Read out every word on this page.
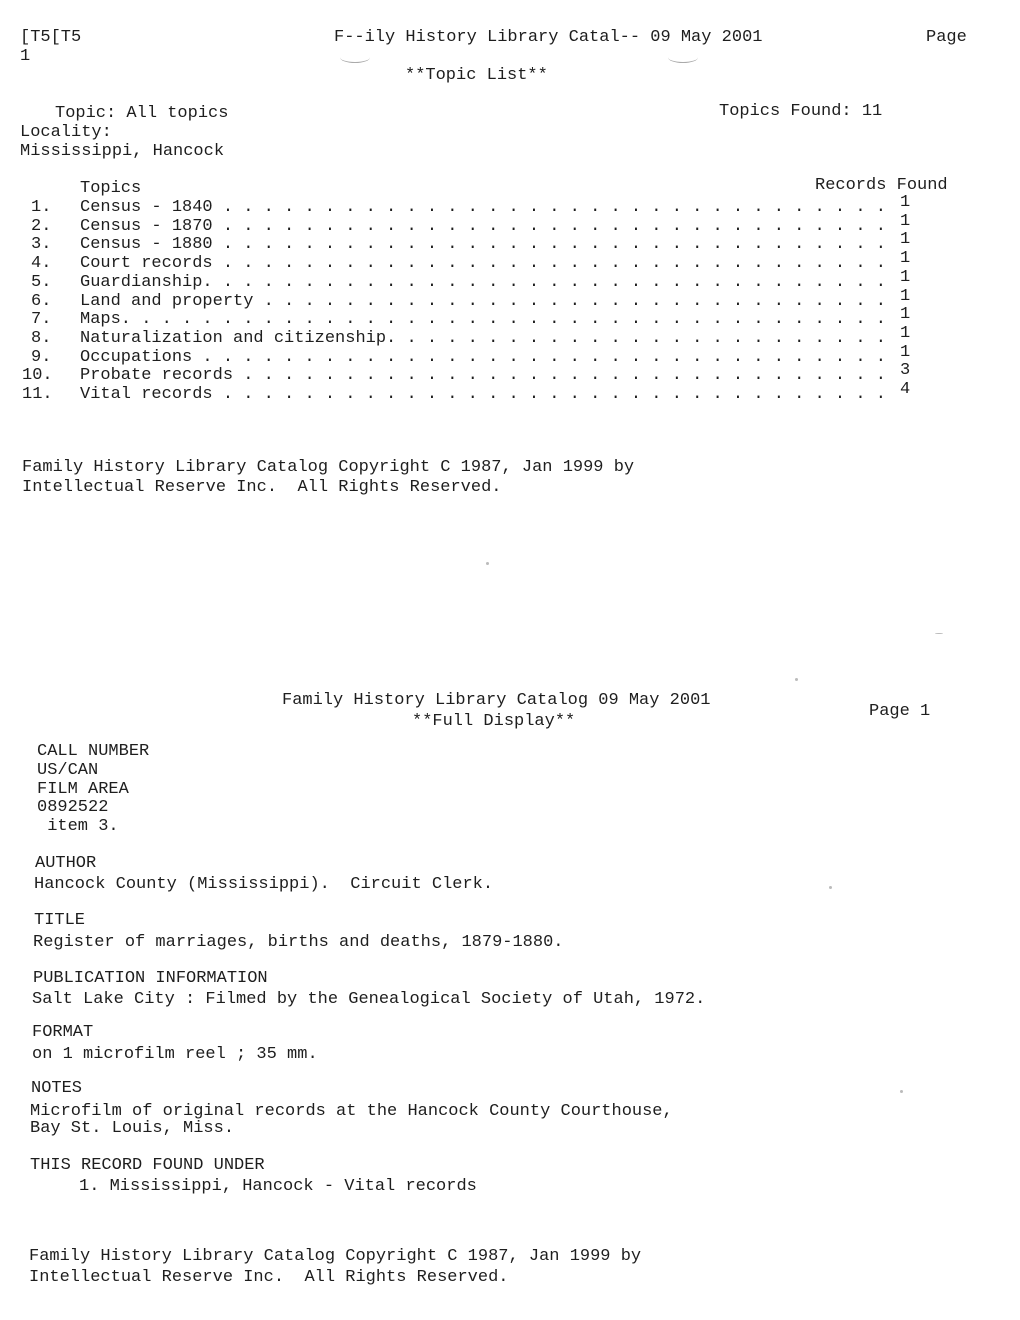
[T5[T5
1
F‐‐ily History Library Catal‐‐ 09 May 2001	Page
**Topic List**
Topic: All topics	Topics Found: 11
Locality:
Mississippi, Hancock
Topics	Records Found
1. Census - 1840 . . . . . . . . . . . . . . . . . . . . . . . . . . . . . . . . . 1
2. Census - 1870 . . . . . . . . . . . . . . . . . . . . . . . . . . . . . . . . . 1
3. Census - 1880 . . . . . . . . . . . . . . . . . . . . . . . . . . . . . . . . . 1
4. Court records . . . . . . . . . . . . . . . . . . . . . . . . . . . . . . . . . 1
5. Guardianship. . . . . . . . . . . . . . . . . . . . . . . . . . . . . . . . . . 1
6. Land and property . . . . . . . . . . . . . . . . . . . . . . . . . . . . . . . 1
7. Maps. . . . . . . . . . . . . . . . . . . . . . . . . . . . . . . . . . . . . . 1
8. Naturalization and citizenship. . . . . . . . . . . . . . . . . . . . . . . . . 1
9. Occupations . . . . . . . . . . . . . . . . . . . . . . . . . . . . . . . . . . 1
10. Probate records . . . . . . . . . . . . . . . . . . . . . . . . . . . . . . . . 3
11. Vital records . . . . . . . . . . . . . . . . . . . . . . . . . . . . . . . . . 4
Family History Library Catalog Copyright C 1987, Jan 1999 by
Intellectual Reserve Inc.  All Rights Reserved.
Family History Library Catalog 09 May 2001
Page 1
**Full Display**
CALL NUMBER
US/CAN
FILM AREA
0892522
item 3.
AUTHOR
Hancock County (Mississippi).  Circuit Clerk.
TITLE
Register of marriages, births and deaths, 1879-1880.
PUBLICATION INFORMATION
Salt Lake City : Filmed by the Genealogical Society of Utah, 1972.
FORMAT
on 1 microfilm reel ; 35 mm.
NOTES
Microfilm of original records at the Hancock County Courthouse,
Bay St. Louis, Miss.
THIS RECORD FOUND UNDER
1. Mississippi, Hancock - Vital records
Family History Library Catalog Copyright C 1987, Jan 1999 by
Intellectual Reserve Inc.  All Rights Reserved.
